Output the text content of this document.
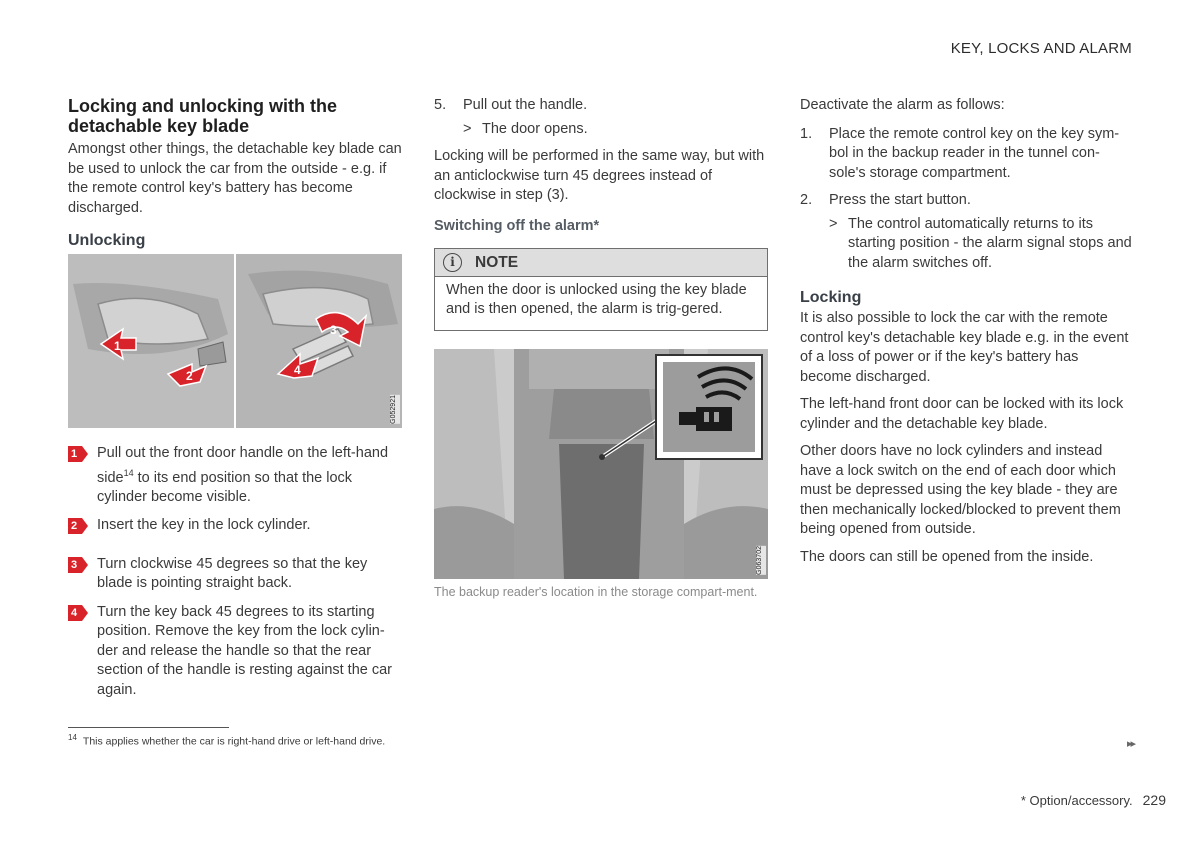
KEY, LOCKS AND ALARM
Locking and unlocking with the detachable key blade

Amongst other things, the detachable key blade can be used to unlock the car from the outside - e.g. if the remote control key's battery has become discharged.

Unlocking
1
2
3
4
G052921
1 Pull out the front door handle on the left-hand side$^{14}$ to its end position so that the lock cylinder become visible.
2 Insert the key in the lock cylinder.
3 Turn clockwise 45 degrees so that the key blade is pointing straight back.
4 Turn the key back 45 degrees to its starting position. Remove the key from the lock cylin-der and release the handle so that the rear section of the handle is resting against the car again.
5. Pull out the handle.
> The door opens.

Locking will be performed in the same way, but with an anticlockwise turn 45 degrees instead of clockwise in step (3).

Switching off the alarm*
i	NOTE
When the door is unlocked using the key blade and is then opened, the alarm is trig-gered.
G063702
The backup reader's location in the storage compart-ment.

Deactivate the alarm as follows:

1. Place the remote control key on the key sym-bol in the backup reader in the tunnel con-sole's storage compartment.
2. Press the start button.
> The control automatically returns to its starting position - the alarm signal stops and the alarm switches off.
Locking

It is also possible to lock the car with the remote control key's detachable key blade e.g. in the event of a loss of power or if the key's battery has become discharged.

The left-hand front door can be locked with its lock cylinder and the detachable key blade.

Other doors have no lock cylinders and instead have a lock switch on the end of each door which must be depressed using the key blade - they are then mechanically locked/blocked to prevent them being opened from outside.

The doors can still be opened from the inside.

$^{14}$ This applies whether the car is right-hand drive or left-hand drive.	▸▸
* Option/accessory. 229
